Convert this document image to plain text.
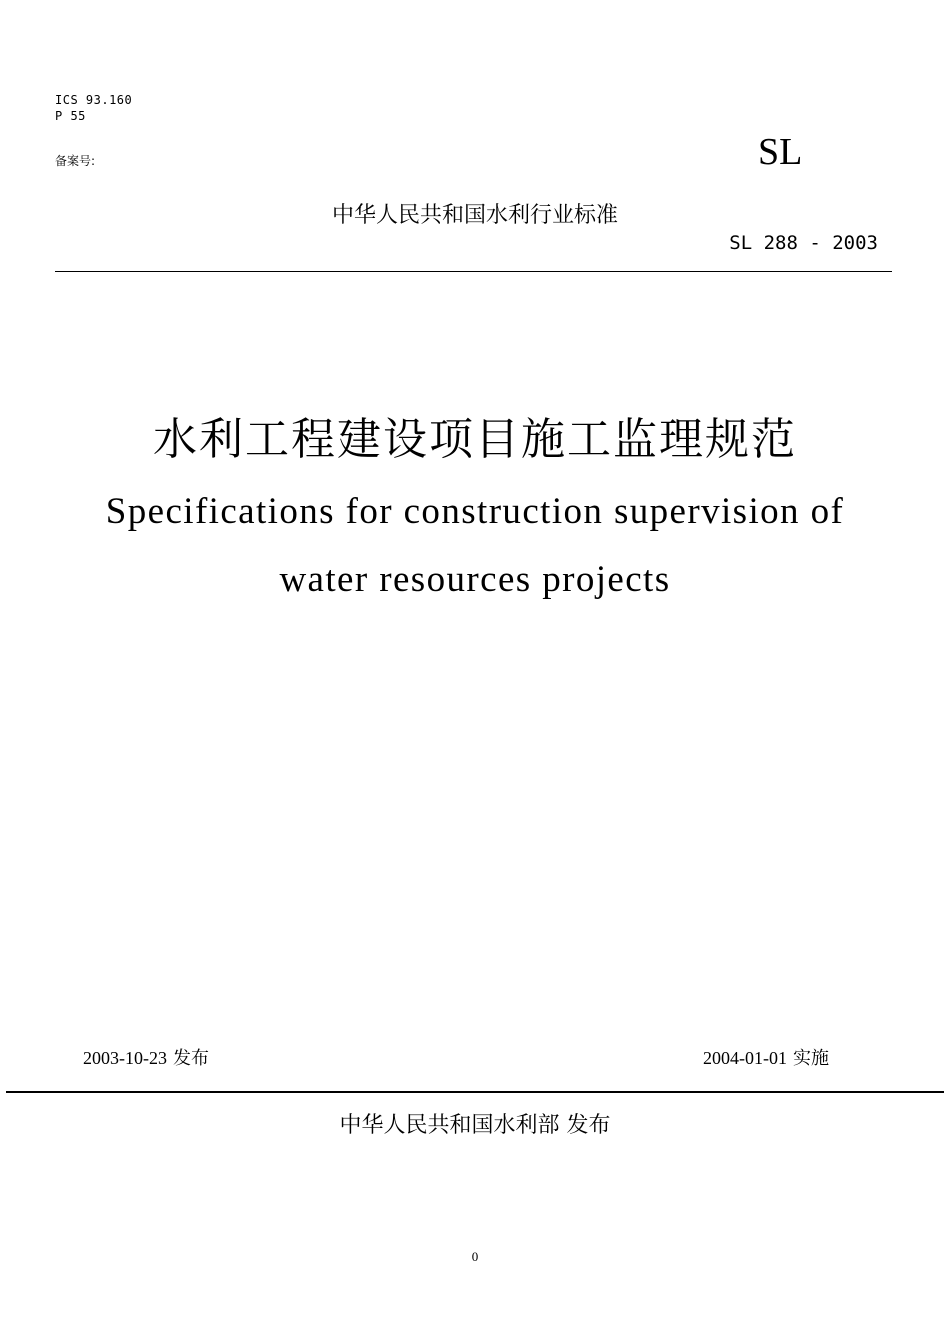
ICS 93.160
P 55
备案号:	SL
中华人民共和国水利行业标准
SL 288 - 2003
水利工程建设项目施工监理规范
Specifications for construction supervision of
water resources projects
2003-10-23 发布	2004-01-01 实施
中华人民共和国水利部 发布
0
